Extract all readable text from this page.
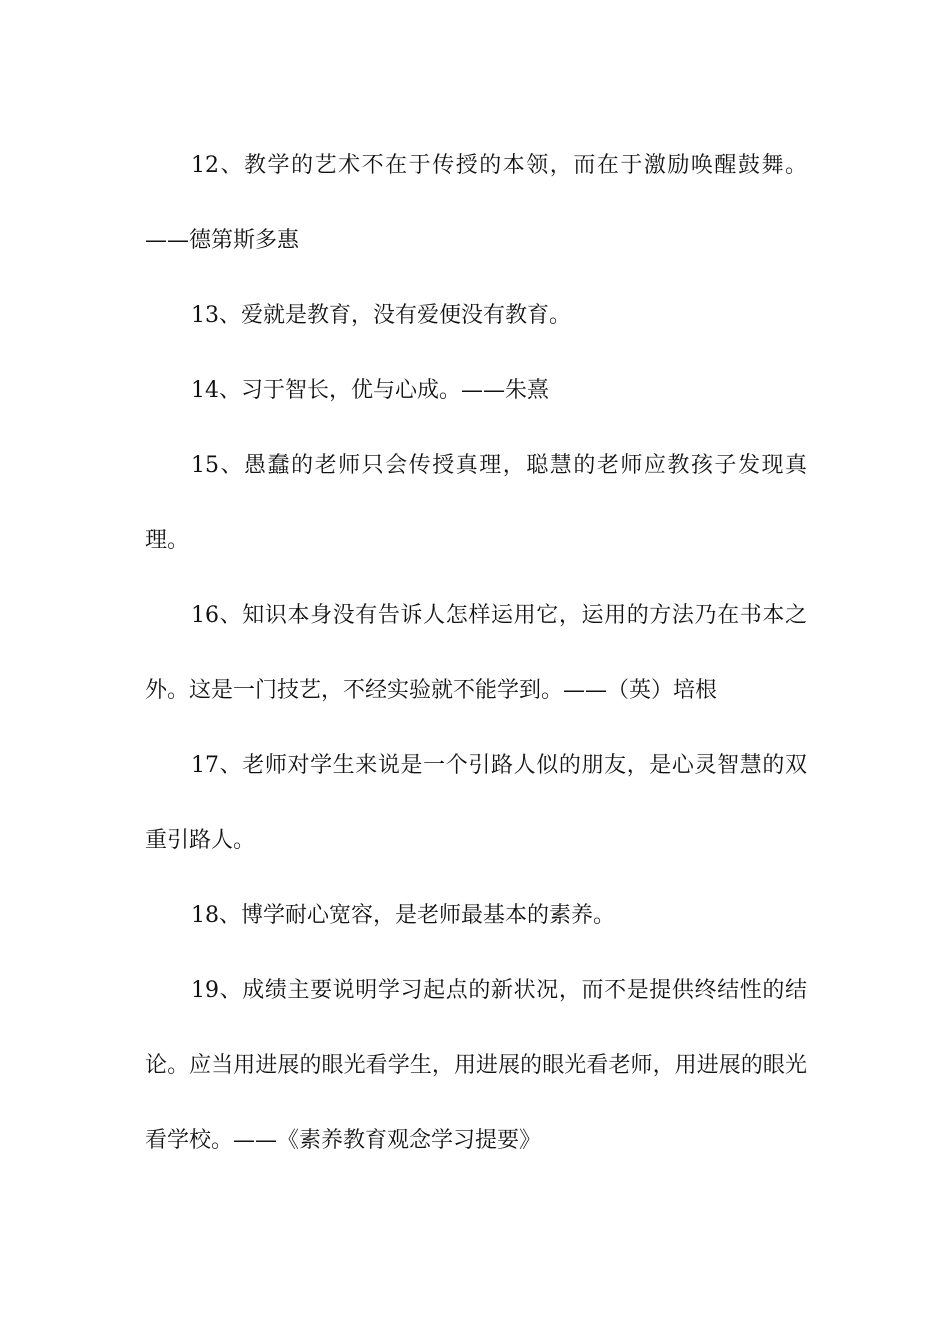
12、教学的艺术不在于传授的本领，而在于激励唤醒鼓舞。——德第斯多惠

13、爱就是教育，没有爱便没有教育。

14、习于智长，优与心成。——朱熹

15、愚蠢的老师只会传授真理，聪慧的老师应教孩子发现真理。

16、知识本身没有告诉人怎样运用它，运用的方法乃在书本之外。这是一门技艺，不经实验就不能学到。——（英）培根

17、老师对学生来说是一个引路人似的朋友，是心灵智慧的双重引路人。

18、博学耐心宽容，是老师最基本的素养。

19、成绩主要说明学习起点的新状况，而不是提供终结性的结论。应当用进展的眼光看学生，用进展的眼光看老师，用进展的眼光看学校。——《素养教育观念学习提要》
